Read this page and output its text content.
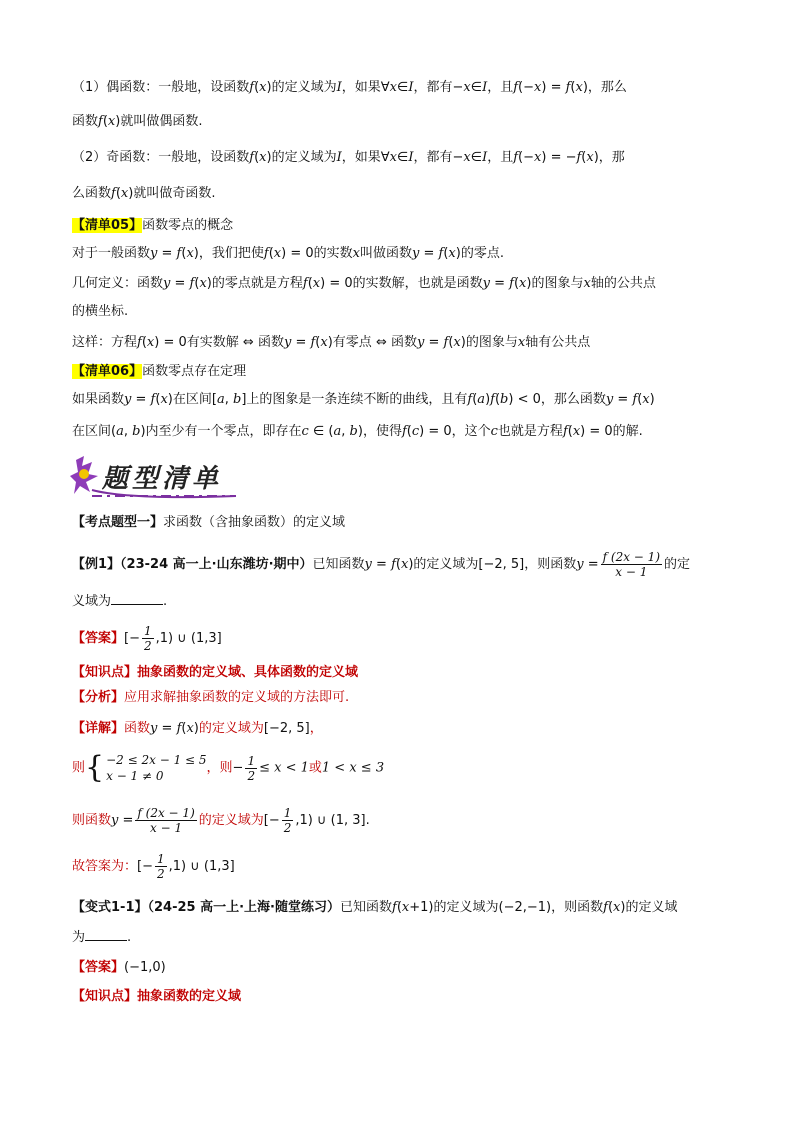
（1）偶函数：一般地，设函数f(x)的定义域为I，如果∀x∈I，都有−x∈I，且f(−x) = f(x)，那么
函数f(x)就叫做偶函数.
（2）奇函数：一般地，设函数f(x)的定义域为I，如果∀x∈I，都有−x∈I，且f(−x) = −f(x)，那
么函数f(x)就叫做奇函数.
【清单05】函数零点的概念
对于一般函数y = f(x)，我们把使f(x) = 0的实数x叫做函数y = f(x)的零点.
几何定义：函数y = f(x)的零点就是方程f(x) = 0的实数解，也就是函数y = f(x)的图象与x轴的公共点
的横坐标.
这样：方程f(x) = 0有实数解 ⇔ 函数y = f(x)有零点 ⇔ 函数y = f(x)的图象与x轴有公共点
【清单06】函数零点存在定理
如果函数y = f(x)在区间[a, b]上的图象是一条连续不断的曲线，且有f(a)f(b) < 0，那么函数y = f(x)
在区间(a, b)内至少有一个零点，即存在c ∈ (a, b)，使得f(c) = 0，这个c也就是方程f(x) = 0的解.
题型清单
【考点题型一】求函数（含抽象函数）的定义域
【例1】（23-24 高一上·山东潍坊·期中）已知函数y = f(x)的定义域为[−2, 5]，则函数$y = \frac{f (2x - 1)}{x - 1}$ 的定
义域为	.
【答案】[− $\frac{1}{2} ,1$) ∪ (1,3]
【知识点】抽象函数的定义域、具体函数的定义域
【分析】应用求解抽象函数的定义域的方法即可.
【详解】函数y = f(x)的定义域为[−2, 5]，
则 { −2 ≤ 2x − 1 ≤ 5
x − 1 ≠ 0
，则− $\frac{1}{2} \le x < 1$或1 < x ≤ 3
则函数$y = \frac{f (2x - 1)}{x - 1}$ 的定义域为[− $\frac{1}{2} ,1$) ∪ (1, 3].
故答案为：[− $\frac{1}{2} ,1$) ∪ (1,3]
【变式1-1】（24-25 高一上·上海·随堂练习）已知函数f(x+1)的定义域为(−2,−1)，则函数f(x)的定义域
为	.
【答案】(−1,0)
【知识点】抽象函数的定义域
